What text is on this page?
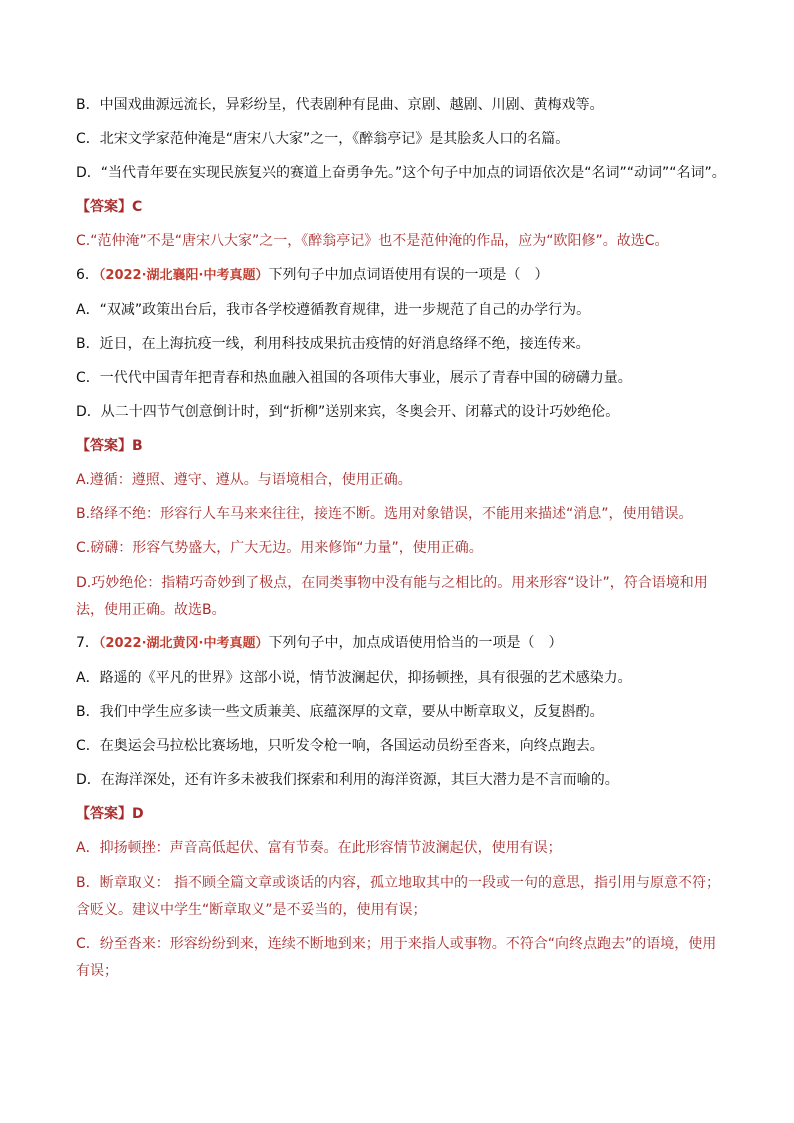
B．中国戏曲源远流长，异彩纷呈，代表剧种有昆曲、京剧、越剧、川剧、黄梅戏等。
C．北宋文学家范仲淹是“唐宋八大家”之一，《醉翁亭记》是其脍炙人口的名篇。
D．“当代青年要在实现民族复兴的赛道上奋勇争先。”这个句子中加点的词语依次是“名词”“动词”“名词”。
【答案】C
C.“范仲淹”不是“唐宋八大家”之一，《醉翁亭记》也不是范仲淹的作品，应为“欧阳修”。故选C。
6．（2022·湖北襄阳·中考真题）下列句子中加点词语使用有误的一项是（　）
A．“双减”政策出台后，我市各学校遵循教育规律，进一步规范了自己的办学行为。
B．近日，在上海抗疫一线，利用科技成果抗击疫情的好消息络绎不绝，接连传来。
C．一代代中国青年把青春和热血融入祖国的各项伟大事业，展示了青春中国的磅礴力量。
D．从二十四节气创意倒计时，到“折柳”送别来宾，冬奥会开、闭幕式的设计巧妙绝伦。
【答案】B
A.遵循：遵照、遵守、遵从。与语境相合，使用正确。
B.络绎不绝：形容行人车马来来往往，接连不断。选用对象错误，不能用来描述“消息”，使用错误。
C.磅礴：形容气势盛大，广大无边。用来修饰“力量”，使用正确。
D.巧妙绝伦：指精巧奇妙到了极点，在同类事物中没有能与之相比的。用来形容“设计”，符合语境和用法，使用正确。故选B。
7．（2022·湖北黄冈·中考真题）下列句子中，加点成语使用恰当的一项是（　）
A．路遥的《平凡的世界》这部小说，情节波澜起伏，抑扬顿挫，具有很强的艺术感染力。
B．我们中学生应多读一些文质兼美、底蕴深厚的文章，要从中断章取义，反复斟酌。
C．在奥运会马拉松比赛场地，只听发令枪一响，各国运动员纷至沓来，向终点跑去。
D．在海洋深处，还有许多未被我们探索和利用的海洋资源，其巨大潜力是不言而喻的。
【答案】D
A．抑扬顿挫：声音高低起伏、富有节奏。在此形容情节波澜起伏，使用有误；
B．断章取义： 指不顾全篇文章或谈话的内容，孤立地取其中的一段或一句的意思，指引用与原意不符；含贬义。建议中学生“断章取义”是不妥当的，使用有误；
C．纷至沓来：形容纷纷到来，连续不断地到来；用于来指人或事物。不符合“向终点跑去”的语境，使用有误；
